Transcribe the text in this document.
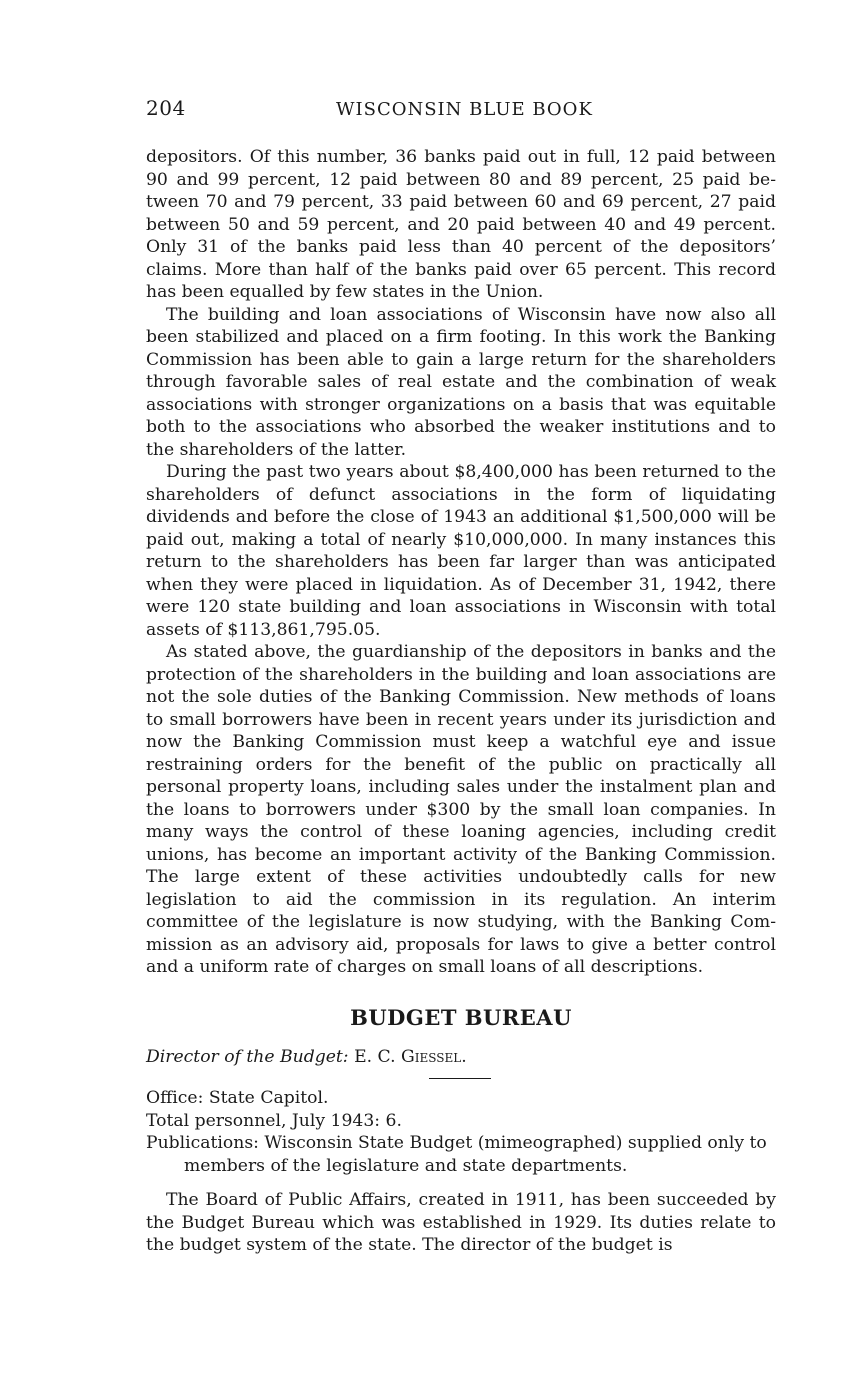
204	WISCONSIN BLUE BOOK

depositors. Of this number, 36 banks paid out in full, 12 paid between 90 and 99 percent, 12 paid between 80 and 89 percent, 25 paid between 70 and 79 percent, 33 paid between 60 and 69 percent, 27 paid between 50 and 59 percent, and 20 paid between 40 and 49 percent. Only 31 of the banks paid less than 40 percent of the depositors’ claims. More than half of the banks paid over 65 percent. This record has been equalled by few states in the Union.

The building and loan associations of Wisconsin have now also all been stabilized and placed on a firm footing. In this work the Banking Commission has been able to gain a large return for the shareholders through favorable sales of real estate and the combination of weak associations with stronger organizations on a basis that was equitable both to the associations who absorbed the weaker institutions and to the shareholders of the latter.

During the past two years about $8,400,000 has been returned to the shareholders of defunct associations in the form of liquidating dividends and before the close of 1943 an additional $1,500,000 will be paid out, making a total of nearly $10,000,000. In many instances this return to the shareholders has been far larger than was anticipated when they were placed in liquidation. As of December 31, 1942, there were 120 state building and loan associations in Wisconsin with total assets of $113,861,795.05.

As stated above, the guardianship of the depositors in banks and the protection of the shareholders in the building and loan associations are not the sole duties of the Banking Commission. New methods of loans to small borrowers have been in recent years under its jurisdiction and now the Banking Commission must keep a watchful eye and issue restraining orders for the benefit of the public on practically all personal property loans, including sales under the instalment plan and the loans to borrowers under $300 by the small loan companies. In many ways the control of these loaning agencies, including credit unions, has become an important activity of the Banking Commission. The large extent of these activities undoubtedly calls for new legislation to aid the commission in its regulation. An interim committee of the legislature is now studying, with the Banking Commission as an advisory aid, proposals for laws to give a better control and a uniform rate of charges on small loans of all descriptions.

BUDGET BUREAU
Director of the Budget: E. C. Giessel.

Office: State Capitol.

Total personnel, July 1943: 6.

Publications: Wisconsin State Budget (mimeographed) supplied only to members of the legislature and state departments.

The Board of Public Affairs, created in 1911, has been succeeded by the Budget Bureau which was established in 1929. Its duties relate to the budget system of the state. The director of the budget is
